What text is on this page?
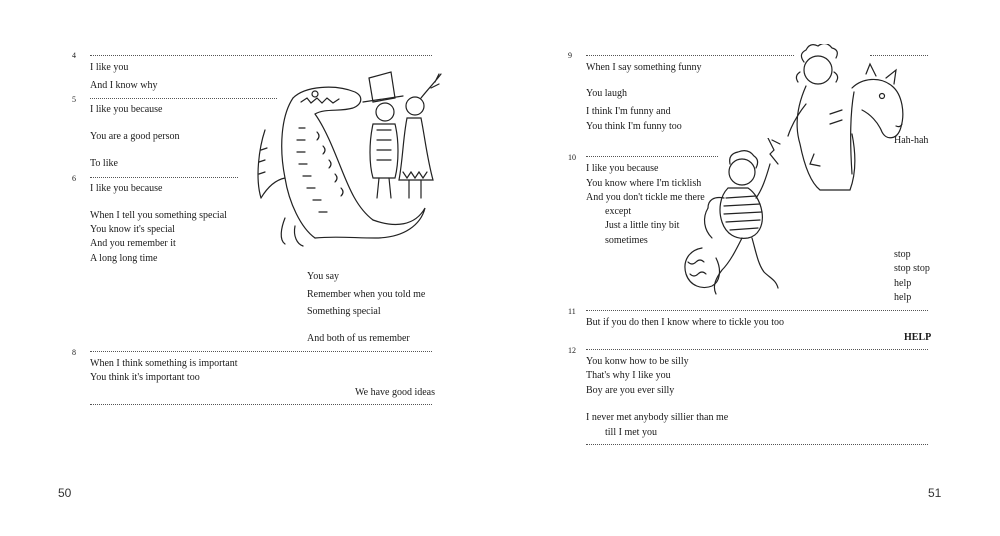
4
I like you
And I know why
5
I like you because
You are a good person
To like
6
I like you because
When I tell you something special
You know it's special
And you remember it
A long long time
You say
Remember when you told me
Something special
And both of us remember
8
When I think something is important
You think it's important too
We have good ideas
50
9
When I say something funny
You laugh
I think I'm funny and
You think I'm funny too
Hah-hah
10
I like you because
You know where I'm ticklish
And you don't tickle me there
except
Just a little tiny bit
sometimes
stop
stop stop
help
help
11
But if you do then I know where to tickle you too
HELP
12
You konw how to be silly
That's why I like you
Boy are you ever silly
I never met anybody sillier than me
till I met you
51
